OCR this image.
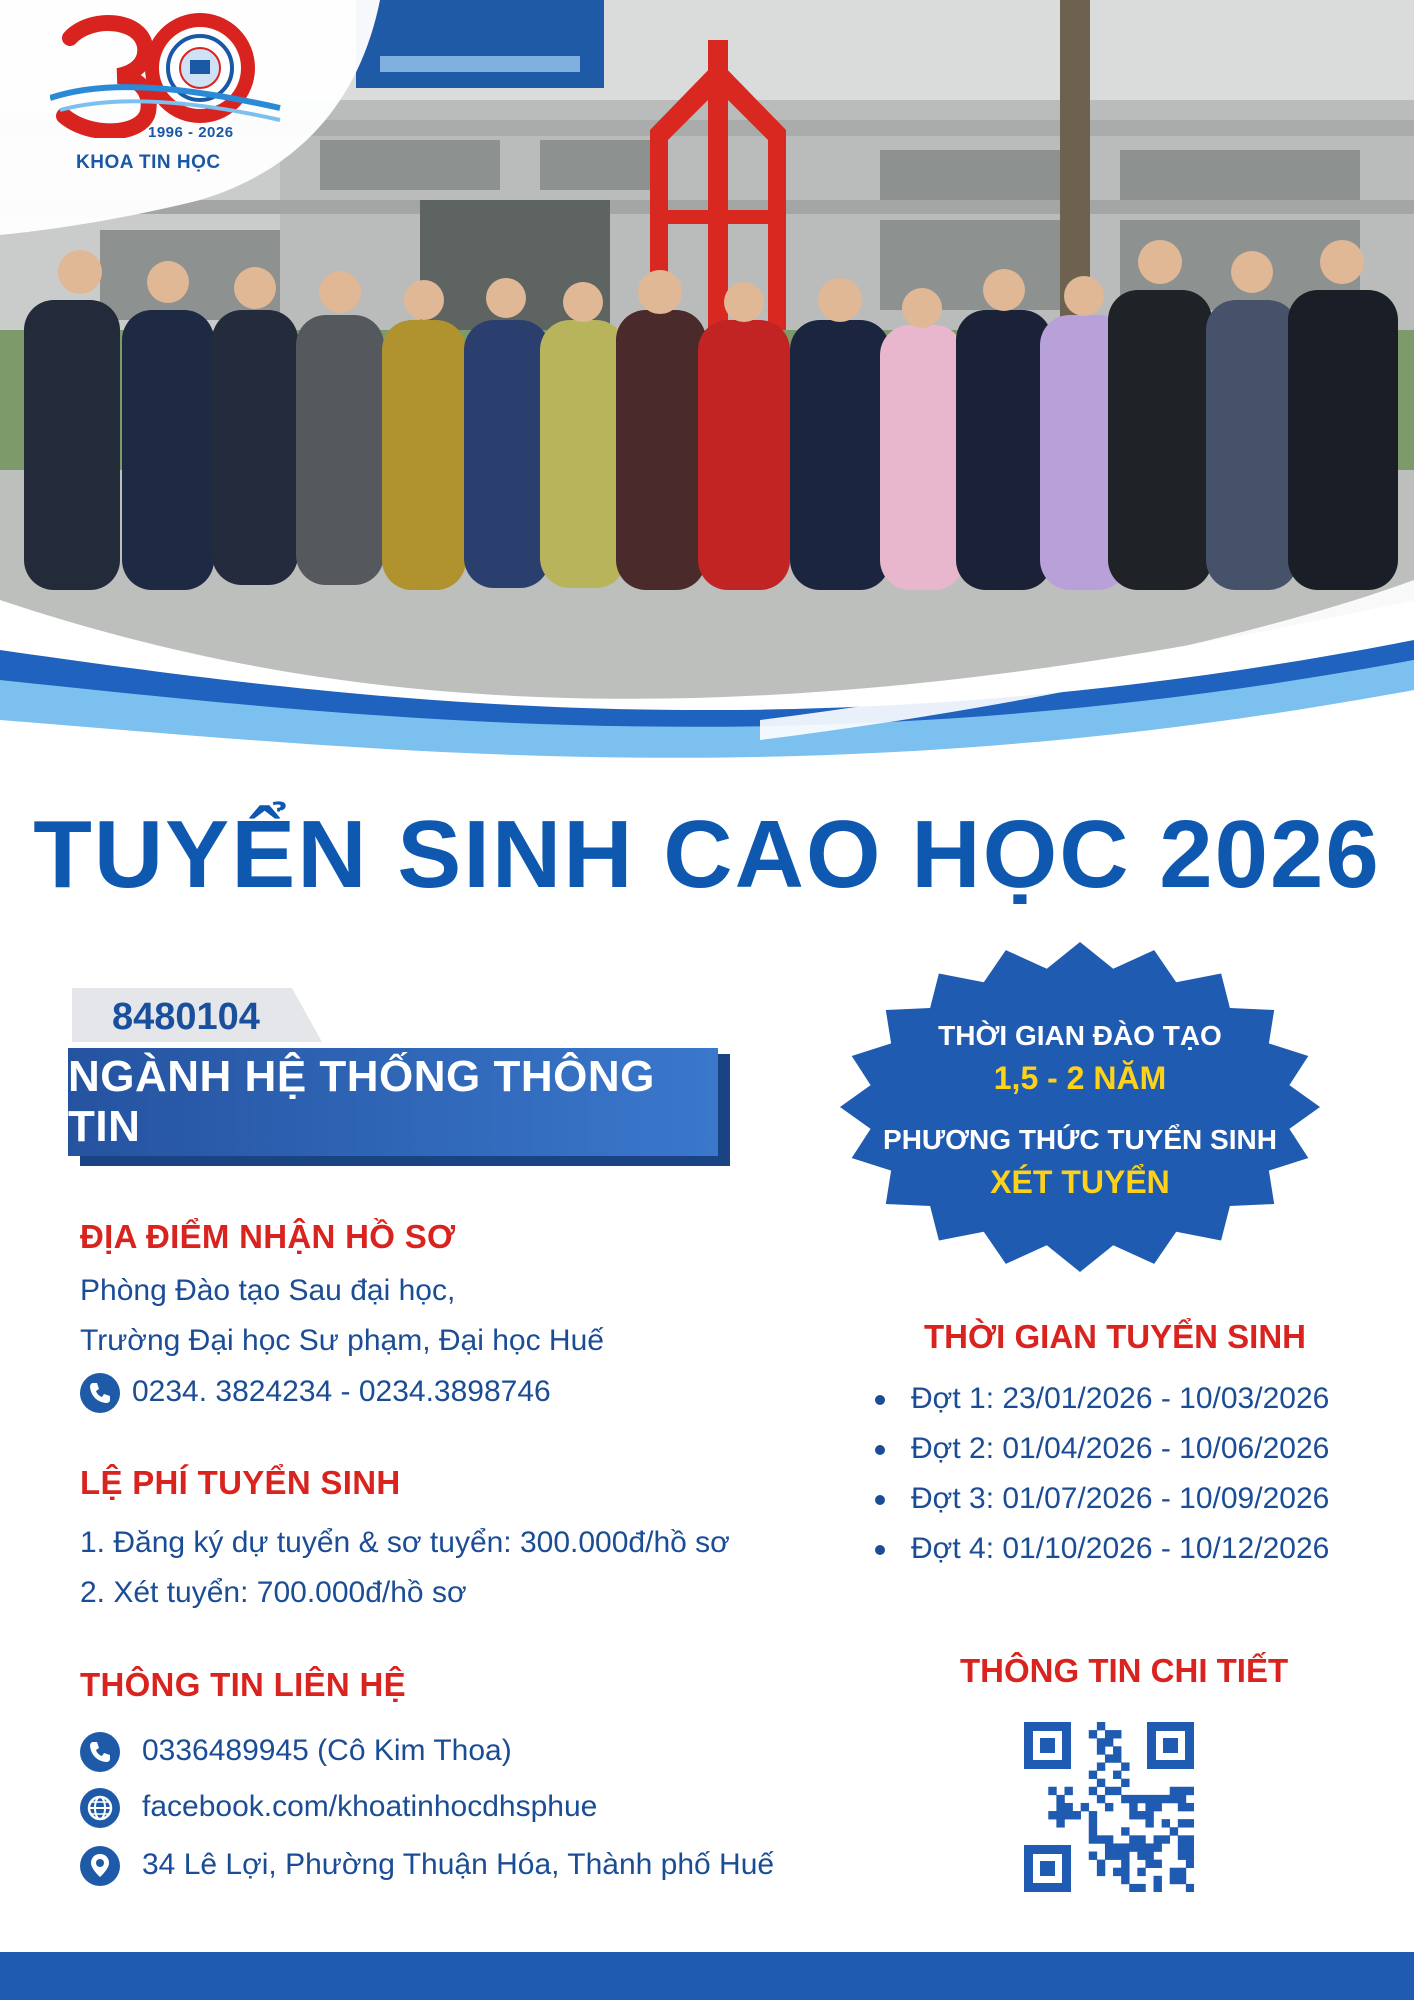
1996 - 2026
KHOA TIN HỌC
TUYỂN SINH CAO HỌC 2026
8480104
NGÀNH HỆ THỐNG THÔNG TIN
ĐỊA ĐIỂM NHẬN HỒ SƠ
Phòng Đào tạo Sau đại học,
Trường Đại học Sư phạm, Đại học Huế
0234. 3824234 - 0234.3898746
LỆ PHÍ TUYỂN SINH
1. Đăng ký dự tuyển & sơ tuyển: 300.000đ/hồ sơ
2. Xét tuyển: 700.000đ/hồ sơ
THÔNG TIN LIÊN HỆ
0336489945 (Cô Kim Thoa)
facebook.com/khoatinhocdhsphue
34 Lê Lợi, Phường Thuận Hóa, Thành phố Huế
THỜI GIAN ĐÀO TẠO
1,5 - 2 NĂM
PHƯƠNG THỨC TUYỂN SINH
XÉT TUYỂN
THỜI GIAN TUYỂN SINH
Đợt 1: 23/01/2026 - 10/03/2026
Đợt 2: 01/04/2026 - 10/06/2026
Đợt 3: 01/07/2026 - 10/09/2026
Đợt 4: 01/10/2026 - 10/12/2026
THÔNG TIN CHI TIẾT
